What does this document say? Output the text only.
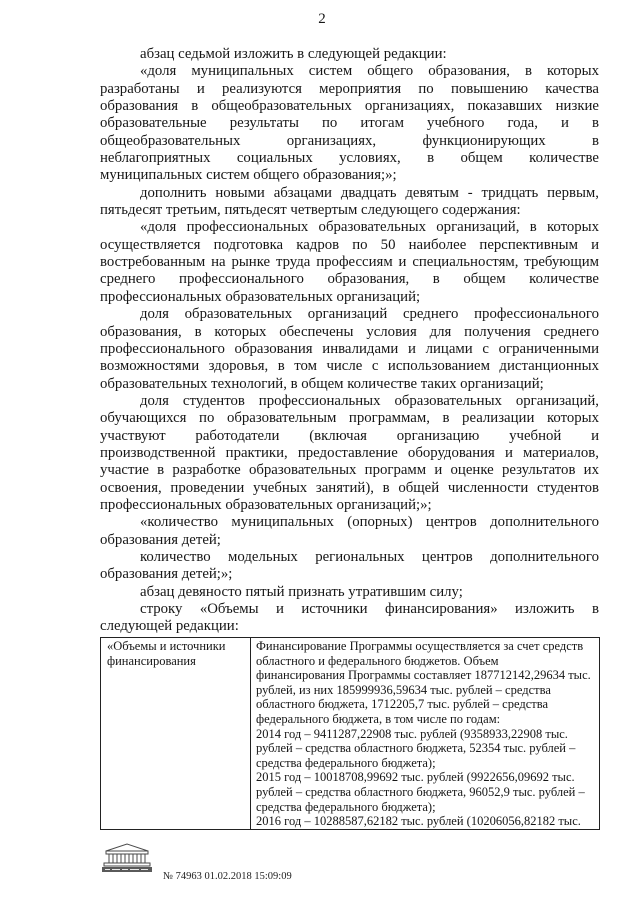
2
абзац седьмой изложить в следующей редакции:
«доля муниципальных систем общего образования, в которых
разработаны и реализуются мероприятия по повышению качества
образования в общеобразовательных организациях, показавших низкие
образовательные результаты по итогам учебного года, и в
общеобразовательных организациях, функционирующих в
неблагоприятных социальных условиях, в общем количестве
муниципальных систем общего образования;»;
дополнить новыми абзацами двадцать девятым - тридцать первым,
пятьдесят третьим, пятьдесят четвертым следующего содержания:
«доля профессиональных образовательных организаций, в которых
осуществляется подготовка кадров по 50 наиболее перспективным и
востребованным на рынке труда профессиям и специальностям, требующим
среднего профессионального образования, в общем количестве
профессиональных образовательных организаций;
доля образовательных организаций среднего профессионального
образования, в которых обеспечены условия для получения среднего
профессионального образования инвалидами и лицами с ограниченными
возможностями здоровья, в том числе с использованием дистанционных
образовательных технологий, в общем количестве таких организаций;
доля студентов профессиональных образовательных организаций,
обучающихся по образовательным программам, в реализации которых
участвуют работодатели (включая организацию учебной и
производственной практики, предоставление оборудования и материалов,
участие в разработке образовательных программ и оценке результатов их
освоения, проведении учебных занятий), в общей численности студентов
профессиональных образовательных организаций;»;
«количество муниципальных (опорных) центров дополнительного
образования детей;
количество модельных региональных центров дополнительного
образования детей;»;
абзац девяносто пятый признать утратившим силу;
строку «Объемы и источники финансирования» изложить в
следующей редакции:
«Объемы и источники
финансирования
Финансирование Программы осуществляется за счет средств
областного и федерального бюджетов. Объем
финансирования Программы составляет 187712142,29634 тыс.
рублей, из них 185999936,59634 тыс. рублей – средства
областного бюджета, 1712205,7 тыс. рублей – средства
федерального бюджета, в том числе по годам:
2014 год – 9411287,22908 тыс. рублей (9358933,22908 тыс.
рублей – средства областного бюджета, 52354 тыс. рублей –
средства федерального бюджета);
2015 год – 10018708,99692 тыс. рублей (9922656,09692 тыс.
рублей – средства областного бюджета, 96052,9 тыс. рублей –
средства федерального бюджета);
2016 год – 10288587,62182 тыс. рублей (10206056,82182 тыс.
№ 74963 01.02.2018 15:09:09
